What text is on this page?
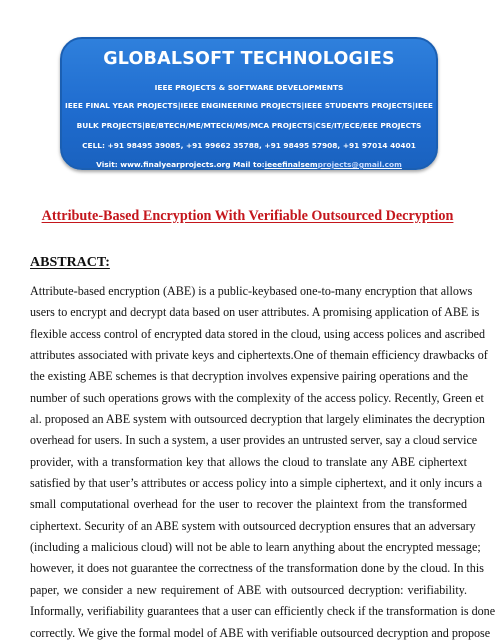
GLOBALSOFT TECHNOLOGIES
IEEE PROJECTS & SOFTWARE DEVELOPMENTS
IEEE FINAL YEAR PROJECTS|IEEE ENGINEERING PROJECTS|IEEE STUDENTS PROJECTS|IEEE
BULK PROJECTS|BE/BTECH/ME/MTECH/MS/MCA PROJECTS|CSE/IT/ECE/EEE PROJECTS
CELL: +91 98495 39085, +91 99662 35788, +91 98495 57908, +91 97014 40401
Visit: www.finalyearprojects.org Mail to:ieeefinalsemprojects@gmail.com
Attribute-Based Encryption With Verifiable Outsourced Decryption
ABSTRACT:
Attribute-based encryption (ABE) is a public-keybased one-to-many encryption that allows
users to encrypt and decrypt data based on user attributes. A promising application of ABE is
flexible access control of encrypted data stored in the cloud, using access polices and ascribed
attributes associated with private keys and ciphertexts.One of themain efficiency drawbacks of
the existing ABE schemes is that decryption involves expensive pairing operations and the
number of such operations grows with the complexity of the access policy. Recently, Green et
al. proposed an ABE system with outsourced decryption that largely eliminates the decryption
overhead for users. In such a system, a user provides an untrusted server, say a cloud service
provider, with a transformation key that allows the cloud to translate any ABE ciphertext
satisfied by that user’s attributes or access policy into a simple ciphertext, and it only incurs a
small computational overhead for the user to recover the plaintext from the transformed
ciphertext. Security of an ABE system with outsourced decryption ensures that an adversary
(including a malicious cloud) will not be able to learn anything about the encrypted message;
however, it does not guarantee the correctness of the transformation done by the cloud. In this
paper, we consider a new requirement of ABE with outsourced decryption: verifiability.
Informally, verifiability guarantees that a user can efficiently check if the transformation is done
correctly. We give the formal model of ABE with verifiable outsourced decryption and propose
